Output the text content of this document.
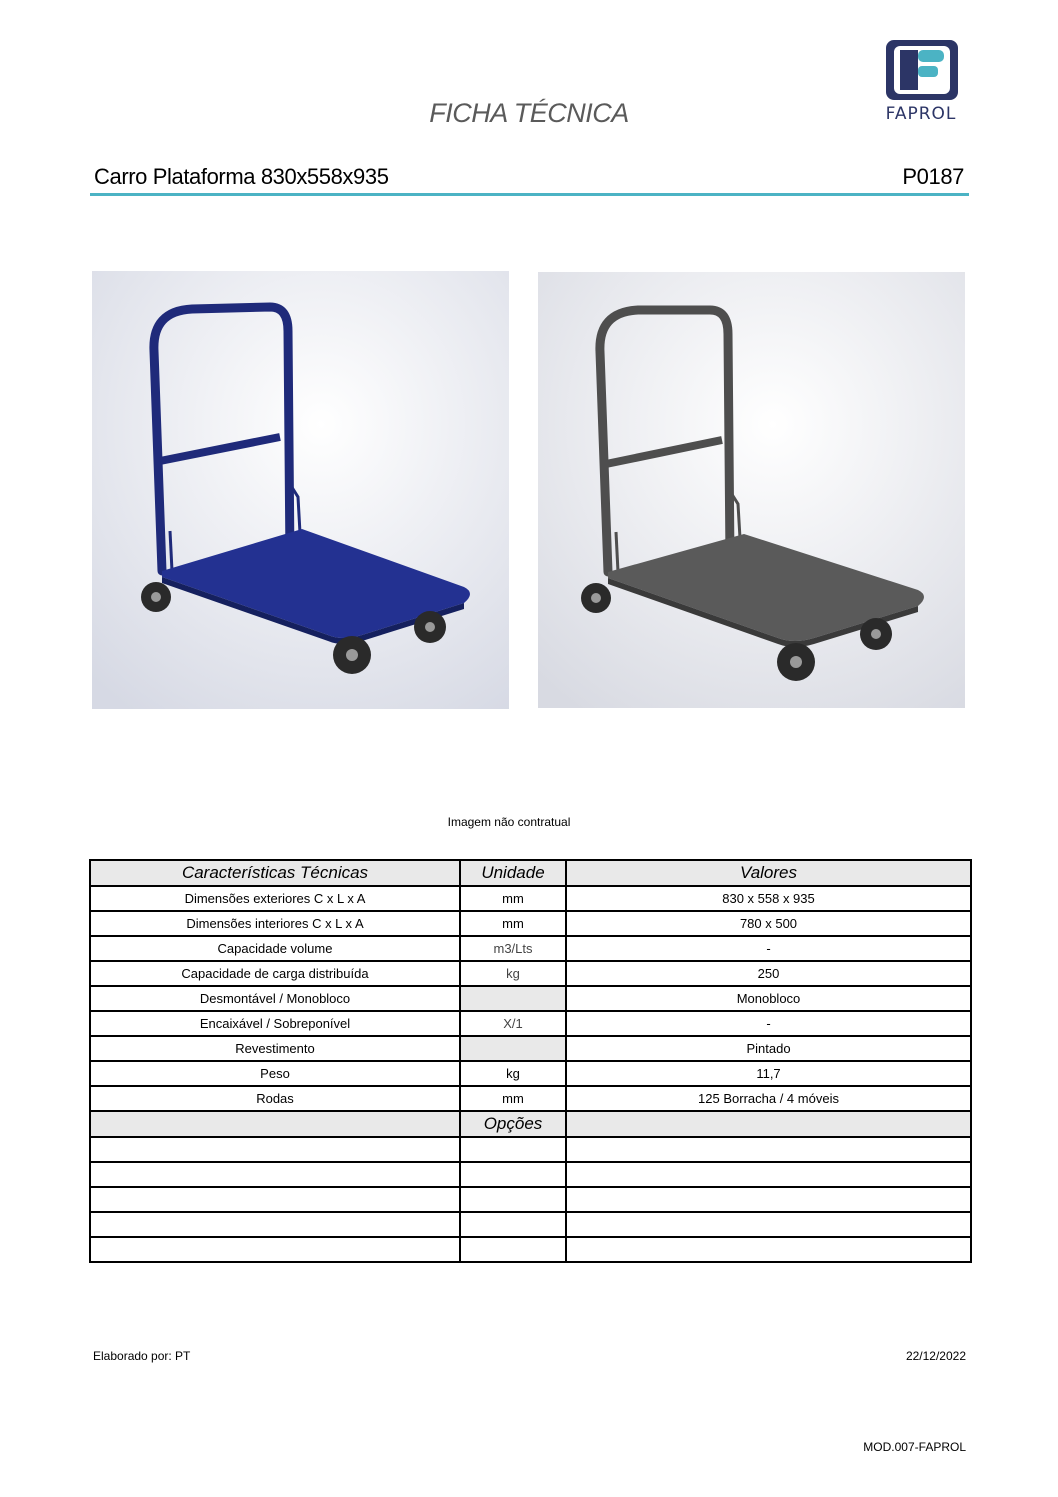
FICHA TÉCNICA	FAPROL
Carro Plataforma 830x558x935	P0187
Imagem não contratual
Características Técnicas	Unidade	Valores
Dimensões exteriores C x L x A	mm	830 x 558 x 935
Dimensões interiores C x L x A	mm	780 x 500
Capacidade volume	m3/Lts	-
Capacidade de carga distribuída	kg	250
Desmontável / Monobloco		Monobloco
Encaixável / Sobreponível	X/1	-
Revestimento		Pintado
Peso	kg	11,7
Rodas	mm	125 Borracha / 4 móveis
	Opções	

Elaborado por: PT	22/12/2022
MOD.007-FAPROL
